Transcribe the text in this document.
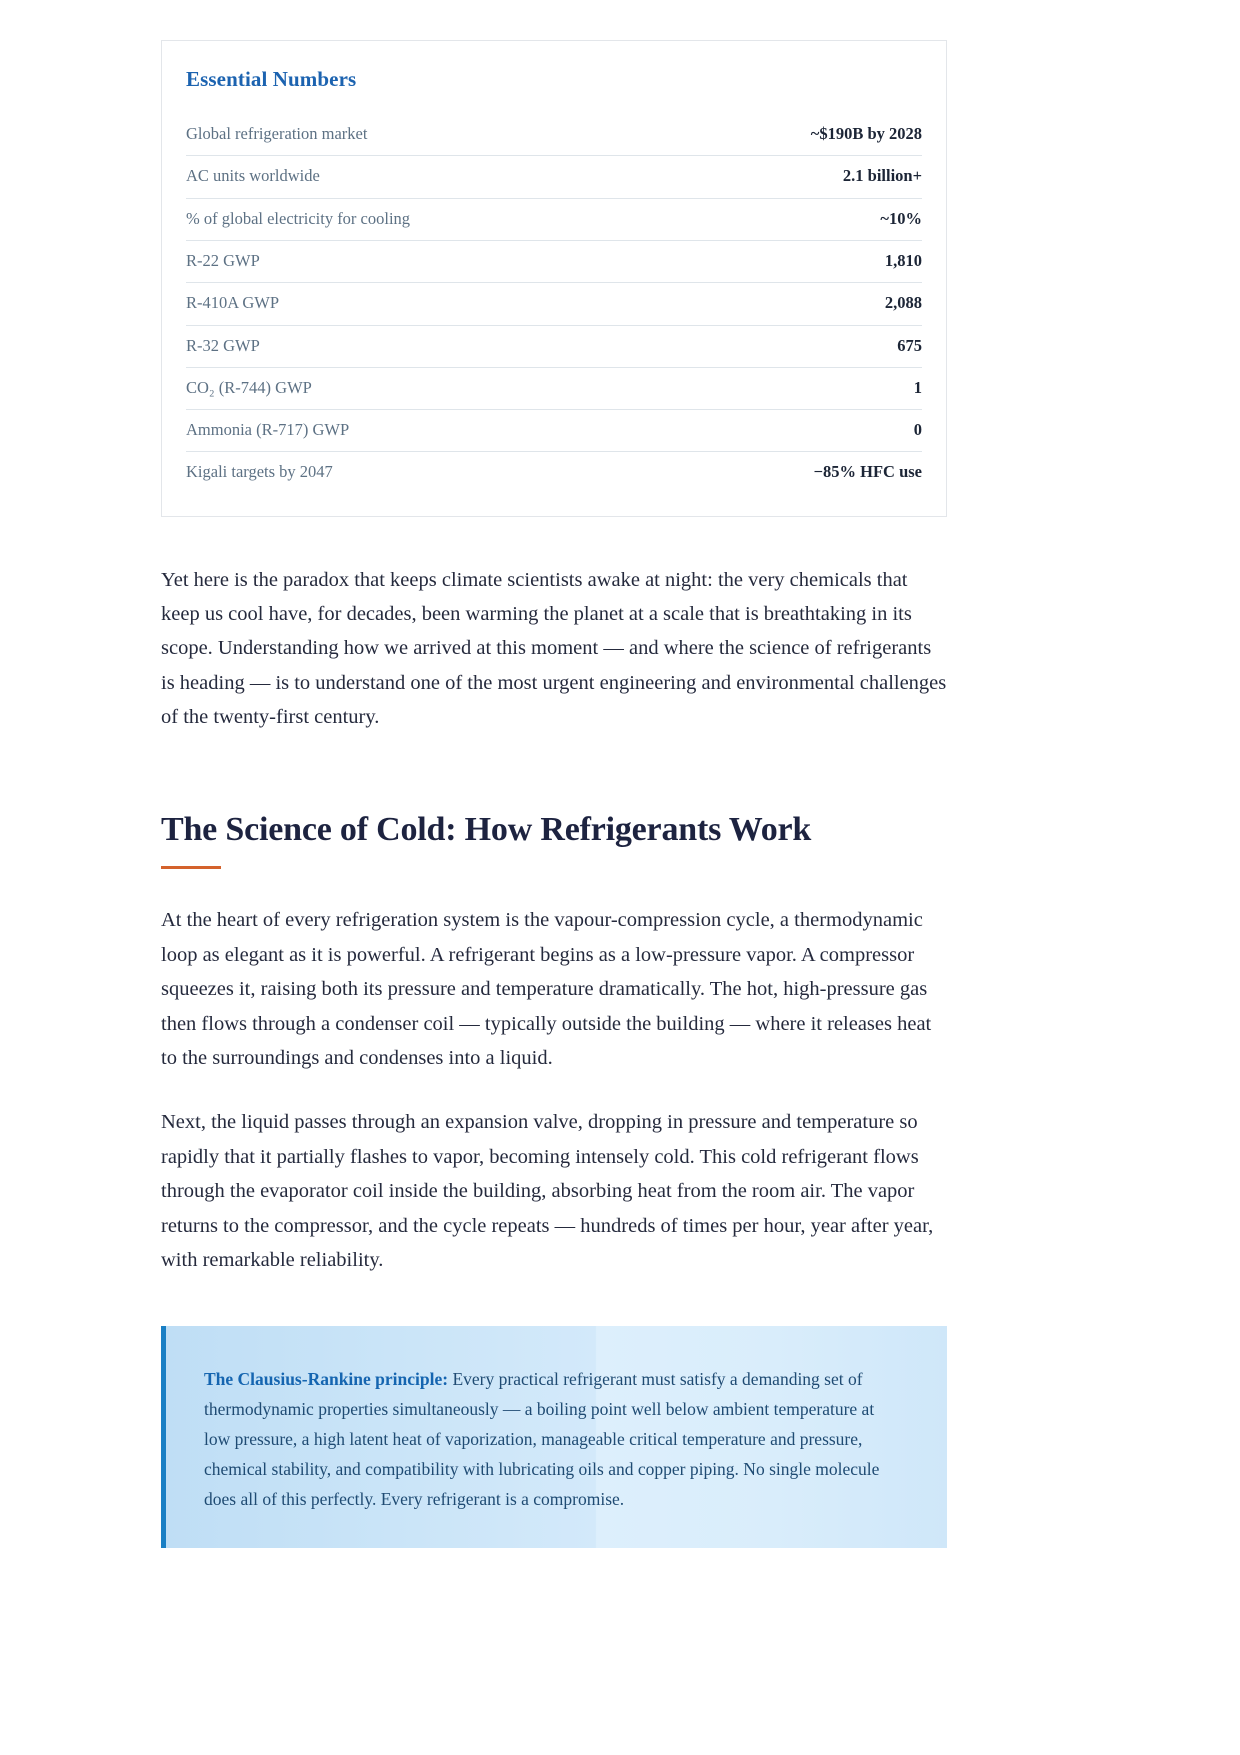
Essential Numbers
Global refrigeration market	~$190B by 2028
AC units worldwide	2.1 billion+
% of global electricity for cooling	~10%
R-22 GWP	1,810
R-410A GWP	2,088
R-32 GWP	675
CO₂ (R-744) GWP	1
Ammonia (R-717) GWP	0
Kigali targets by 2047	−85% HFC use

Yet here is the paradox that keeps climate scientists awake at night: the very chemicals that keep us cool have, for decades, been warming the planet at a scale that is breathtaking in its scope. Understanding how we arrived at this moment — and where the science of refrigerants is heading — is to understand one of the most urgent engineering and environmental challenges of the twenty-first century.

The Science of Cold: How Refrigerants Work

At the heart of every refrigeration system is the vapour-compression cycle, a thermodynamic loop as elegant as it is powerful. A refrigerant begins as a low-pressure vapor. A compressor squeezes it, raising both its pressure and temperature dramatically. The hot, high-pressure gas then flows through a condenser coil — typically outside the building — where it releases heat to the surroundings and condenses into a liquid.

Next, the liquid passes through an expansion valve, dropping in pressure and temperature so rapidly that it partially flashes to vapor, becoming intensely cold. This cold refrigerant flows through the evaporator coil inside the building, absorbing heat from the room air. The vapor returns to the compressor, and the cycle repeats — hundreds of times per hour, year after year, with remarkable reliability.

The Clausius-Rankine principle: Every practical refrigerant must satisfy a demanding set of thermodynamic properties simultaneously — a boiling point well below ambient temperature at low pressure, a high latent heat of vaporization, manageable critical temperature and pressure, chemical stability, and compatibility with lubricating oils and copper piping. No single molecule does all of this perfectly. Every refrigerant is a compromise.
